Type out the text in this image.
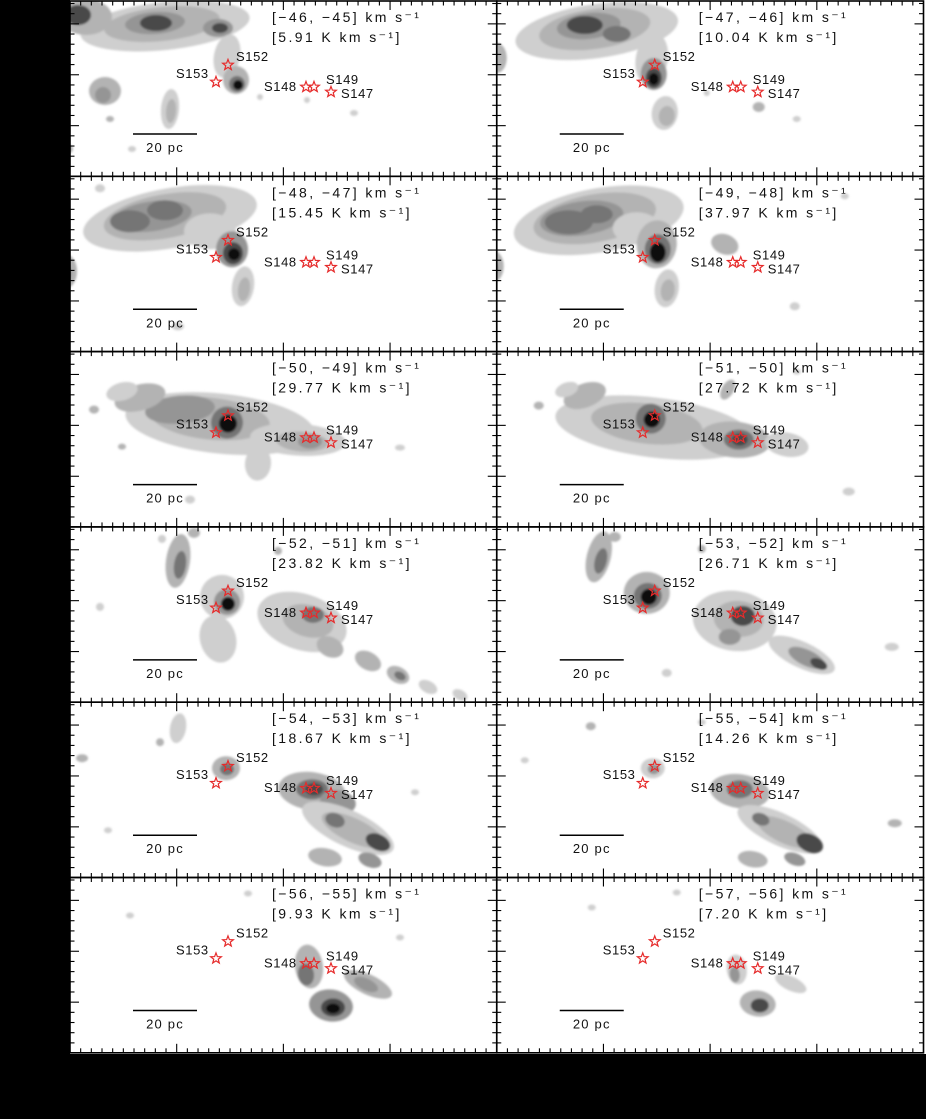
[−46, −45] km s⁻¹
[5.91 K km s⁻¹]
20 pc
S152
S153
S148 S149
S147
[−47, −46] km s⁻¹
[10.04 K km s⁻¹]
20 pc
S152
S153
S148 S149
S147
[−48, −47] km s⁻¹
[15.45 K km s⁻¹]
20 pc
S152
S153
S148 S149
S147
[−49, −48] km s⁻¹
[37.97 K km s⁻¹]
20 pc
S152
S153
S148 S149
S147
[−50, −49] km s⁻¹
[29.77 K km s⁻¹]
20 pc
S152
S153
S148 S149
S147
[−51, −50] km s⁻¹
[27.72 K km s⁻¹]
20 pc
S152
S153
S148 S149
S147
[−52, −51] km s⁻¹
[23.82 K km s⁻¹]
20 pc
S152
S153
S148 S149
S147
[−53, −52] km s⁻¹
[26.71 K km s⁻¹]
20 pc
S152
S153
S148 S149
S147
[−54, −53] km s⁻¹
[18.67 K km s⁻¹]
20 pc
S152
S153
S148 S149
S147
[−55, −54] km s⁻¹
[14.26 K km s⁻¹]
20 pc
S152
S153
S148 S149
S147
[−56, −55] km s⁻¹
[9.93 K km s⁻¹]
20 pc
S152
S153
S148 S149
S147
[−57, −56] km s⁻¹
[7.20 K km s⁻¹]
20 pc
S152
S153
S148 S149
S147
